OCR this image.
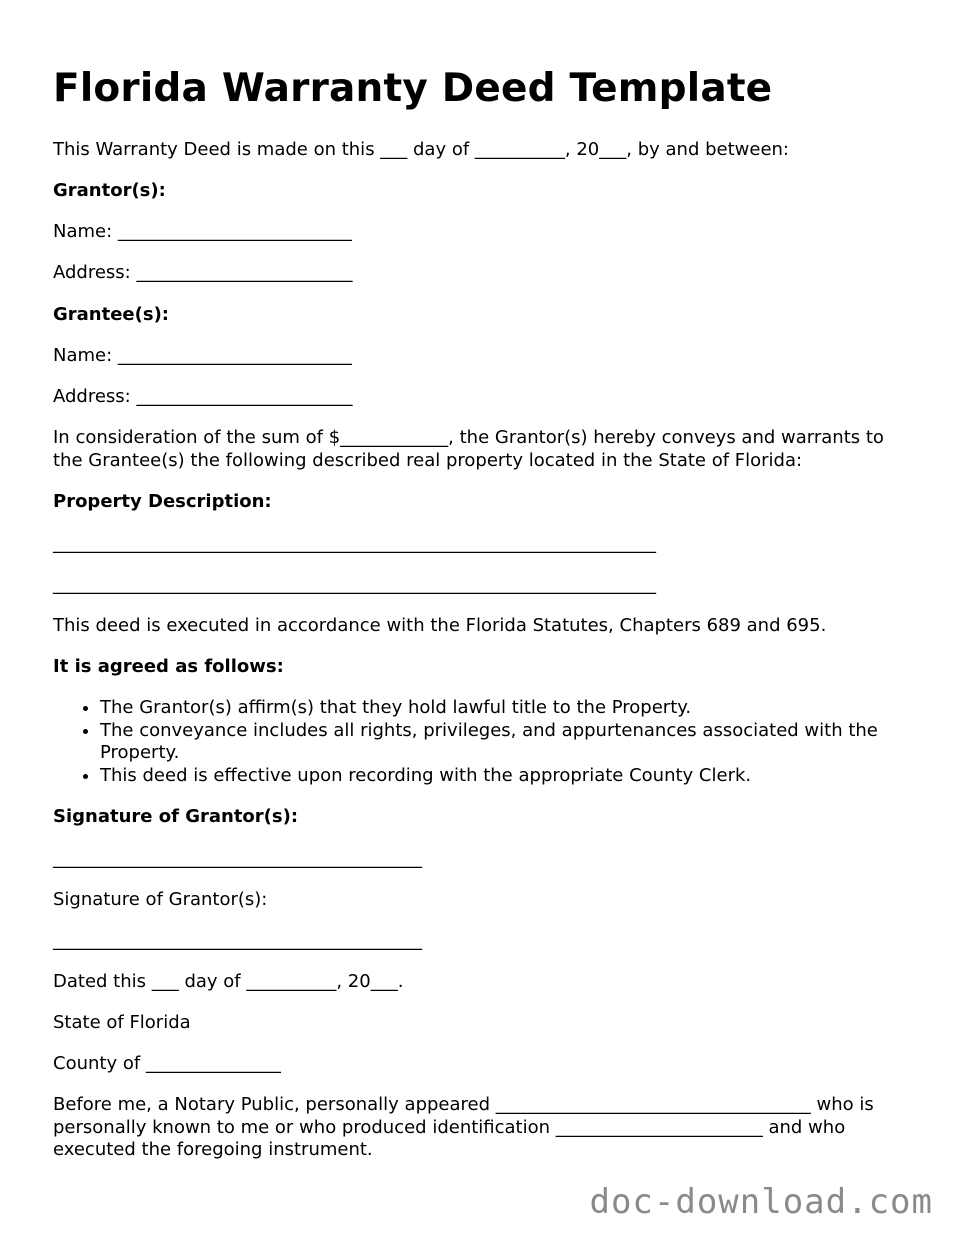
Florida Warranty Deed Template
This Warranty Deed is made on this ___ day of __________, 20___, by and between:
Grantor(s):
Name: __________________________
Address: ________________________
Grantee(s):
Name: __________________________
Address: ________________________
In consideration of the sum of $____________, the Grantor(s) hereby conveys and warrants to the Grantee(s) the following described real property located in the State of Florida:
Property Description:
___________________________________________________________________
___________________________________________________________________
This deed is executed in accordance with the Florida Statutes, Chapters 689 and 695.
It is agreed as follows:
• The Grantor(s) affirm(s) that they hold lawful title to the Property.
• The conveyance includes all rights, privileges, and appurtenances associated with the Property.
• This deed is effective upon recording with the appropriate County Clerk.
Signature of Grantor(s):
_________________________________________
Signature of Grantor(s):
_________________________________________
Dated this ___ day of __________, 20___.
State of Florida
County of _______________
Before me, a Notary Public, personally appeared ___________________________________ who is personally known to me or who produced identification _______________________ and who executed the foregoing instrument.
doc-download.com
